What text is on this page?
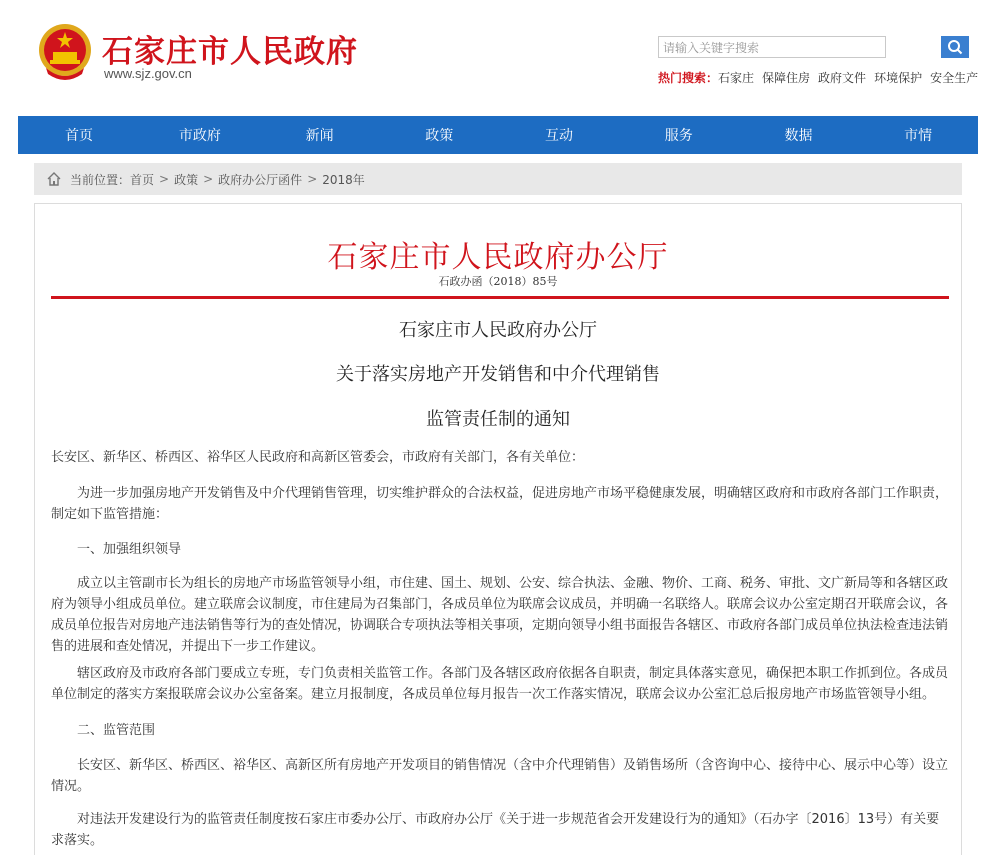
石家庄市人民政府
www.sjz.gov.cn
请输入关键字搜索
热门搜索：石家庄 保障住房 政府文件 环境保护 安全生产
首页	市政府	新闻	政策	互动	服务	数据	市情
当前位置： 首页 > 政策 > 政府办公厅函件 > 2018年
石家庄市人民政府办公厅
石政办函（2018）85号
石家庄市人民政府办公厅
关于落实房地产开发销售和中介代理销售
监管责任制的通知

长安区、新华区、桥西区、裕华区人民政府和高新区管委会，市政府有关部门，各有关单位：

为进一步加强房地产开发销售及中介代理销售管理，切实维护群众的合法权益，促进房地产市场平稳健康发展，明确辖区政府和市政府各部门工作职责，制定如下监管措施：

一、加强组织领导

成立以主管副市长为组长的房地产市场监管领导小组，市住建、国土、规划、公安、综合执法、金融、物价、工商、税务、审批、文广新局等和各辖区政府为领导小组成员单位。建立联席会议制度，市住建局为召集部门，各成员单位为联席会议成员，并明确一名联络人。联席会议办公室定期召开联席会议，各成员单位报告对房地产违法销售等行为的查处情况，协调联合专项执法等相关事项，定期向领导小组书面报告各辖区、市政府各部门成员单位执法检查违法销售的进展和查处情况，并提出下一步工作建议。

辖区政府及市政府各部门要成立专班，专门负责相关监管工作。各部门及各辖区政府依据各自职责，制定具体落实意见，确保把本职工作抓到位。各成员单位制定的落实方案报联席会议办公室备案。建立月报制度，各成员单位每月报告一次工作落实情况，联席会议办公室汇总后报房地产市场监管领导小组。

二、监管范围

长安区、新华区、桥西区、裕华区、高新区所有房地产开发项目的销售情况（含中介代理销售）及销售场所（含咨询中心、接待中心、展示中心等）设立情况。

对违法开发建设行为的监管责任制度按石家庄市委办公厅、市政府办公厅《关于进一步规范省会开发建设行为的通知》（石办字〔2016〕13号）有关要求落实。
